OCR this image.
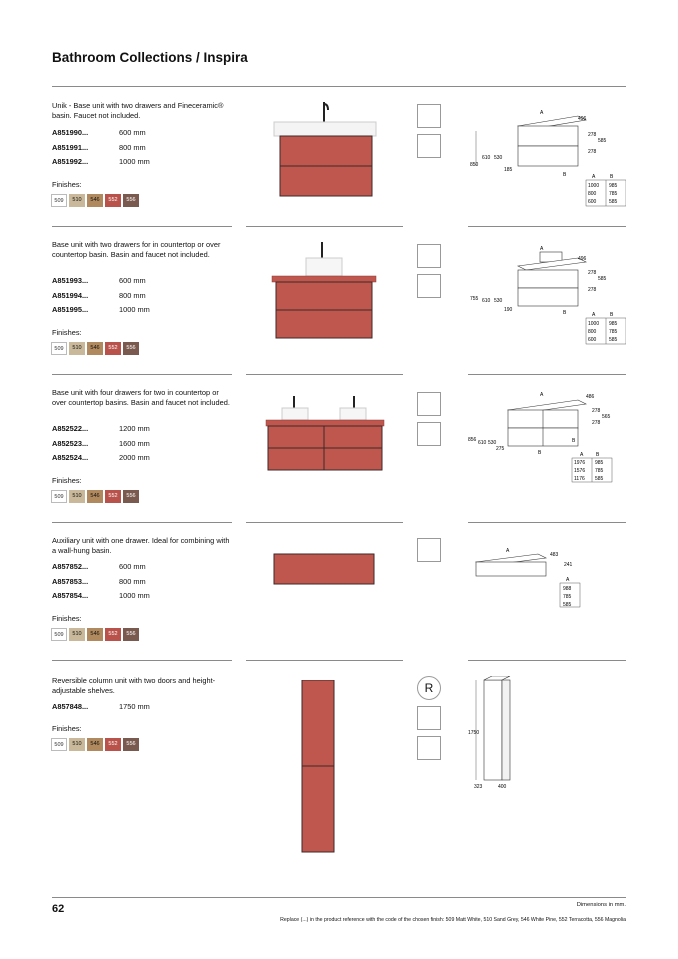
Bathroom Collections / Inspira
Unik - Base unit with two drawers and Fineceramic® basin. Faucet not included.
A851990...	600 mm
A851991...	800 mm
A851992...	1000 mm
Finishes:
509	510	546	552	556
850
610 530
185
A
496
278
585
278
B	A	B
1000 985
800	785
600	585
Base unit with two drawers for in countertop or over countertop basin. Basin and faucet not included.
A851993...	600 mm
A851994...	800 mm
A851995...	1000 mm
Finishes:
509	510	546	552	556
755 610 530
190
A
496
278
585
278
B	A	B
1000 985
800	785
600	585
Base unit with four drawers for two in countertop or over countertop basins. Basin and faucet not included.
A852522...	1200 mm
A852523...	1600 mm
A852524...	2000 mm
Finishes:
509	510	546	552	556
856 610 530
275
A	486
278
565
278
B
B
A	B
1976 985
1576 785
1176 585
Auxiliary unit with one drawer. Ideal for combining with a wall-hung basin.
A857852...	600 mm
A857853...	800 mm
A857854...	1000 mm
Finishes:
509	510	546	552	556
A
483
241
A
988
785
585
Reversible column unit with two doors and height-adjustable shelves.
A857848...	1750 mm
Finishes:
509	510	546	552	556
R
1750
323	400
62	Dimensions in mm.
Replace (...) in the product reference with the code of the chosen finish: 509 Matt White, 510 Sand Grey, 546 White Pine, 552 Terracotta, 556 Magnolia
